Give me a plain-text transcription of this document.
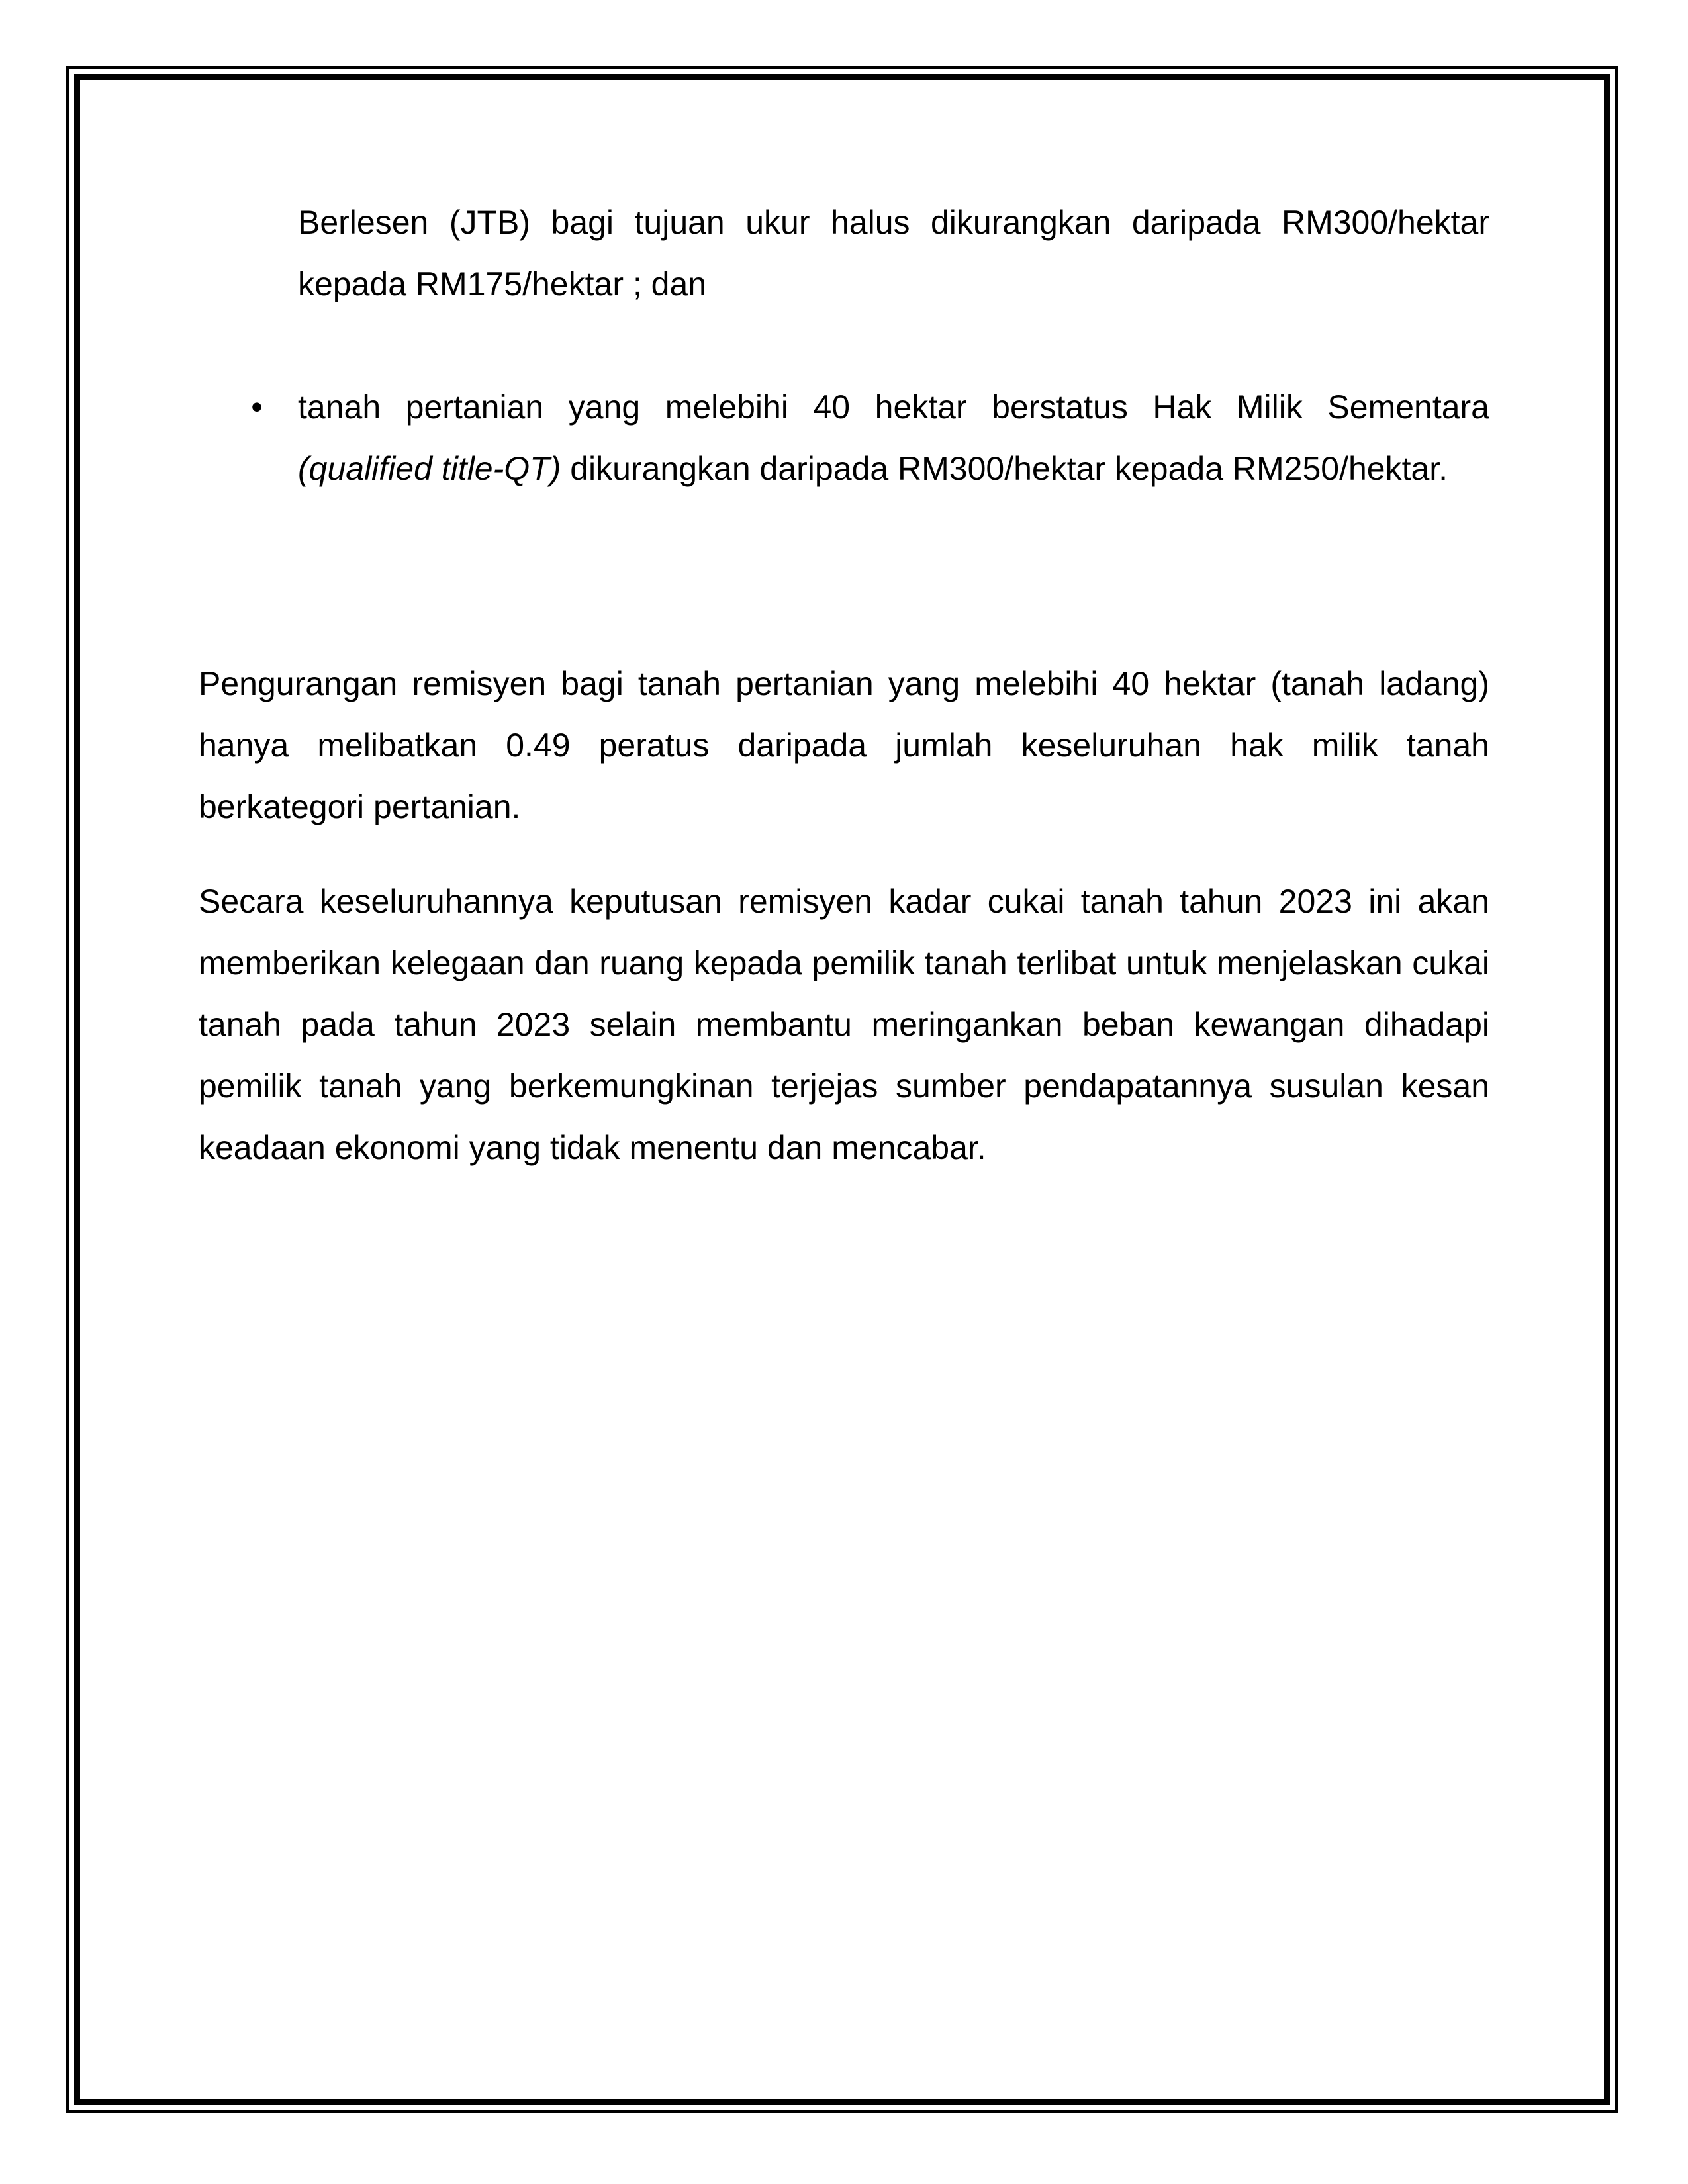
Berlesen (JTB) bagi tujuan ukur halus dikurangkan daripada RM300/hektar kepada RM175/hektar ; dan
• tanah pertanian yang melebihi 40 hektar berstatus Hak Milik Sementara (qualified title-QT) dikurangkan daripada RM300/hektar kepada RM250/hektar.

Pengurangan remisyen bagi tanah pertanian yang melebihi 40 hektar (tanah ladang) hanya melibatkan 0.49 peratus daripada jumlah keseluruhan hak milik tanah berkategori pertanian.

Secara keseluruhannya keputusan remisyen kadar cukai tanah tahun 2023 ini akan memberikan kelegaan dan ruang kepada pemilik tanah terlibat untuk menjelaskan cukai tanah pada tahun 2023 selain membantu meringankan beban kewangan dihadapi pemilik tanah yang berkemungkinan terjejas sumber pendapatannya susulan kesan keadaan ekonomi yang tidak menentu dan mencabar.
